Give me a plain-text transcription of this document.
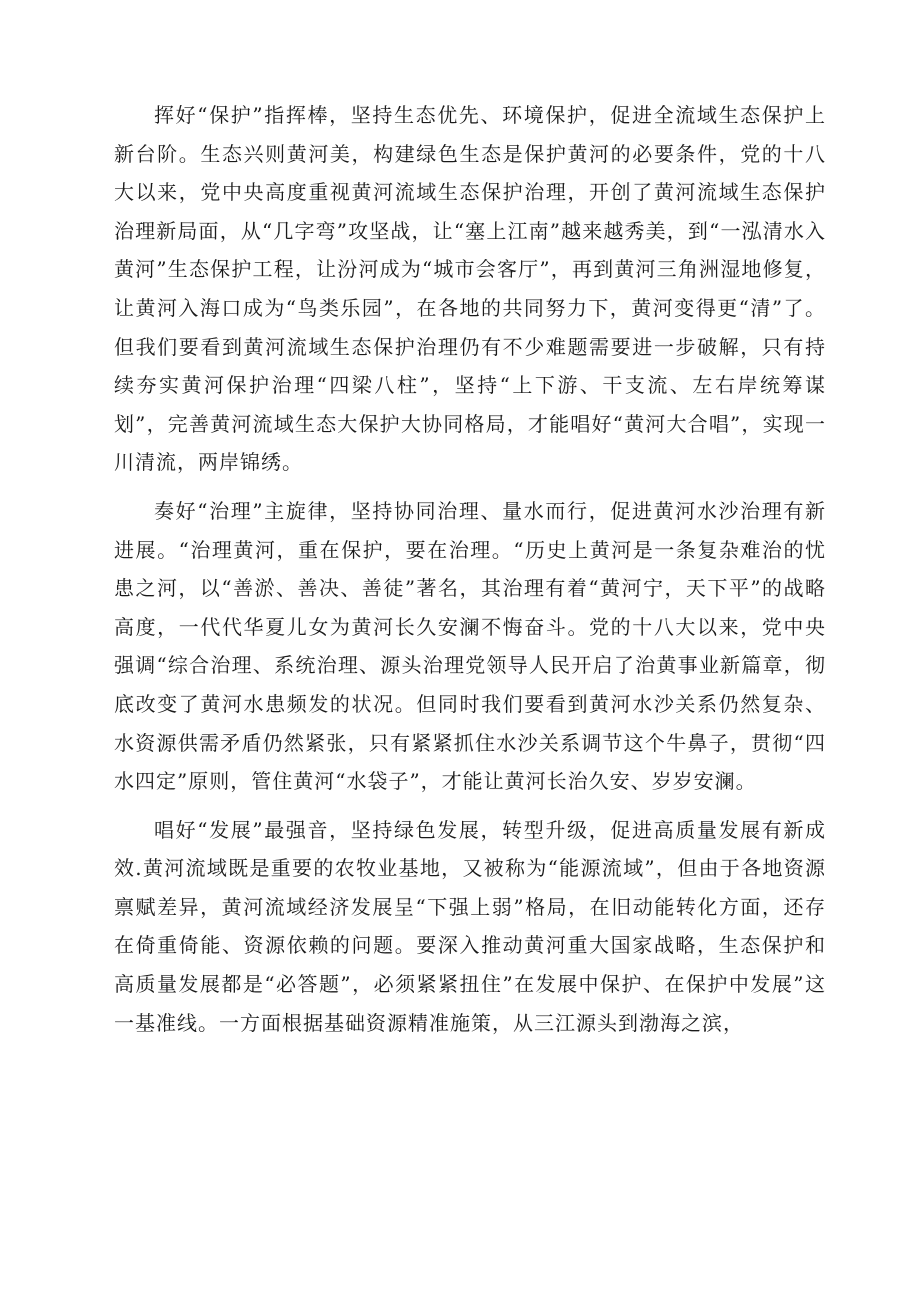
挥好“保护”指挥棒，坚持生态优先、环境保护，促进全流域生态保护上新台阶。生态兴则黄河美，构建绿色生态是保护黄河的必要条件，党的十八大以来，党中央高度重视黄河流域生态保护治理，开创了黄河流域生态保护治理新局面，从“几字弯”攻坚战，让“塞上江南”越来越秀美，到“一泓清水入黄河”生态保护工程，让汾河成为“城市会客厅”，再到黄河三角洲湿地修复，让黄河入海口成为“鸟类乐园”，在各地的共同努力下，黄河变得更“清”了。但我们要看到黄河流域生态保护治理仍有不少难题需要进一步破解，只有持续夯实黄河保护治理“四梁八柱”，坚持“上下游、干支流、左右岸统筹谋划”，完善黄河流域生态大保护大协同格局，才能唱好“黄河大合唱”，实现一川清流，两岸锦绣。

奏好“治理”主旋律，坚持协同治理、量水而行，促进黄河水沙治理有新进展。“治理黄河，重在保护，要在治理。“历史上黄河是一条复杂难治的忧患之河，以“善淤、善决、善徒”著名，其治理有着“黄河宁，天下平”的战略高度，一代代华夏儿女为黄河长久安澜不悔奋斗。党的十八大以来，党中央强调“综合治理、系统治理、源头治理党领导人民开启了治黄事业新篇章，彻底改变了黄河水患频发的状况。但同时我们要看到黄河水沙关系仍然复杂、水资源供需矛盾仍然紧张，只有紧紧抓住水沙关系调节这个牛鼻子，贯彻“四水四定”原则，管住黄河“水袋子”，才能让黄河长治久安、岁岁安澜。

唱好“发展”最强音，坚持绿色发展，转型升级，促进高质量发展有新成效.黄河流域既是重要的农牧业基地，又被称为“能源流域”，但由于各地资源禀赋差异，黄河流域经济发展呈“下强上弱”格局，在旧动能转化方面，还存在倚重倚能、资源依赖的问题。要深入推动黄河重大国家战略，生态保护和高质量发展都是“必答题”，必须紧紧扭住”在发展中保护、在保护中发展”这一基准线。一方面根据基础资源精准施策，从三江源头到渤海之滨，
